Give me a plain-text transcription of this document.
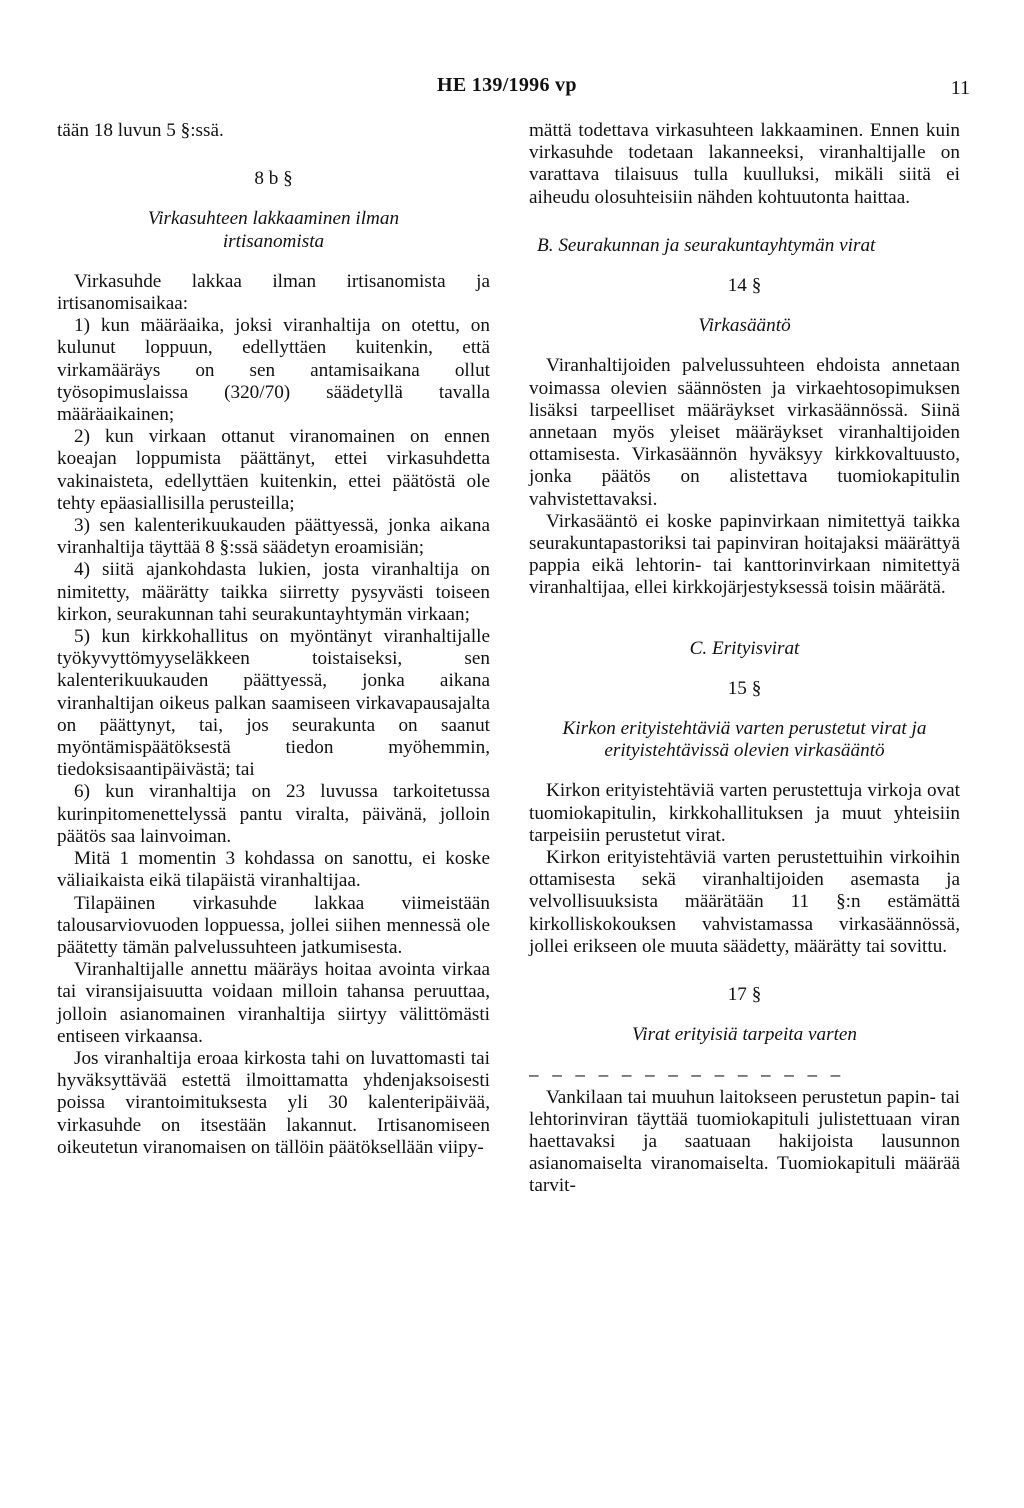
HE 139/1996 vp	11

tään 18 luvun 5 §:ssä.

8 b §

Virkasuhteen lakkaaminen ilman irtisanomista

Virkasuhde lakkaa ilman irtisanomista ja irtisanomisaikaa:

1) kun määräaika, joksi viranhaltija on otettu, on kulunut loppuun, edellyttäen kuitenkin, että virkamääräys on sen antamisaikana ollut työsopimuslaissa (320/70) säädetyllä tavalla määräaikainen;

2) kun virkaan ottanut viranomainen on ennen koeajan loppumista päättänyt, ettei virkasuhdetta vakinaisteta, edellyttäen kuitenkin, ettei päätöstä ole tehty epäasiallisilla perusteilla;

3) sen kalenterikuukauden päättyessä, jonka aikana viranhaltija täyttää 8 §:ssä säädetyn eroamisiän;

4) siitä ajankohdasta lukien, josta viranhaltija on nimitetty, määrätty taikka siirretty pysyvästi toiseen kirkon, seurakunnan tahi seurakuntayhtymän virkaan;

5) kun kirkkohallitus on myöntänyt viranhaltijalle työkyvyttömyyseläkkeen toistaiseksi, sen kalenterikuukauden päättyessä, jonka aikana viranhaltijan oikeus palkan saamiseen virkavapausajalta on päättynyt, tai, jos seurakunta on saanut myöntämispäätöksestä tiedon myöhemmin, tiedoksisaantipäivästä; tai

6) kun viranhaltija on 23 luvussa tarkoitetussa kurinpitomenettelyssä pantu viralta, päivänä, jolloin päätös saa lainvoiman.

Mitä 1 momentin 3 kohdassa on sanottu, ei koske väliaikaista eikä tilapäistä viranhaltijaa.

Tilapäinen virkasuhde lakkaa viimeistään talousarviovuoden loppuessa, jollei siihen mennessä ole päätetty tämän palvelussuhteen jatkumisesta.

Viranhaltijalle annettu määräys hoitaa avointa virkaa tai viransijaisuutta voidaan milloin tahansa peruuttaa, jolloin asianomainen viranhaltija siirtyy välittömästi entiseen virkaansa.

Jos viranhaltija eroaa kirkosta tahi on luvattomasti tai hyväksyttävää estettä ilmoittamatta yhdenjaksoisesti poissa virantoimituksesta yli 30 kalenteripäivää, virkasuhde on itsestään lakannut. Irtisanomiseen oikeutetun viranomaisen on tällöin päätöksellään viipy-

mättä todettava virkasuhteen lakkaaminen. Ennen kuin virkasuhde todetaan lakanneeksi, viranhaltijalle on varattava tilaisuus tulla kuulluksi, mikäli siitä ei aiheudu olosuhteisiin nähden kohtuutonta haittaa.

B. Seurakunnan ja seurakuntayhtymän virat

14 §

Virkasääntö

Viranhaltijoiden palvelussuhteen ehdoista annetaan voimassa olevien säännösten ja virkaehtosopimuksen lisäksi tarpeelliset määräykset virkasäännössä. Siinä annetaan myös yleiset määräykset viranhaltijoiden ottamisesta. Virkasäännön hyväksyy kirkkovaltuusto, jonka päätös on alistettava tuomiokapitulin vahvistettavaksi.

Virkasääntö ei koske papinvirkaan nimitettyä taikka seurakuntapastoriksi tai papinviran hoitajaksi määrättyä pappia eikä lehtorin- tai kanttorinvirkaan nimitettyä viranhaltijaa, ellei kirkkojärjestyksessä toisin määrätä.

C. Erityisvirat

15 §

Kirkon erityistehtäviä varten perustetut virat ja erityistehtävissä olevien virkasääntö

Kirkon erityistehtäviä varten perustettuja virkoja ovat tuomiokapitulin, kirkkohallituksen ja muut yhteisiin tarpeisiin perustetut virat.

Kirkon erityistehtäviä varten perustettuihin virkoihin ottamisesta sekä viranhaltijoiden asemasta ja velvollisuuksista määrätään 11 §:n estämättä kirkolliskokouksen vahvistamassa virkasäännössä, jollei erikseen ole muuta säädetty, määrätty tai sovittu.

17 §

Virat erityisiä tarpeita varten

— — — — — — — — — — — — — —

Vankilaan tai muuhun laitokseen perustetun papin- tai lehtorinviran täyttää tuomiokapituli julistettuaan viran haettavaksi ja saatuaan hakijoista lausunnon asianomaiselta viranomaiselta. Tuomiokapituli määrää tarvit-
